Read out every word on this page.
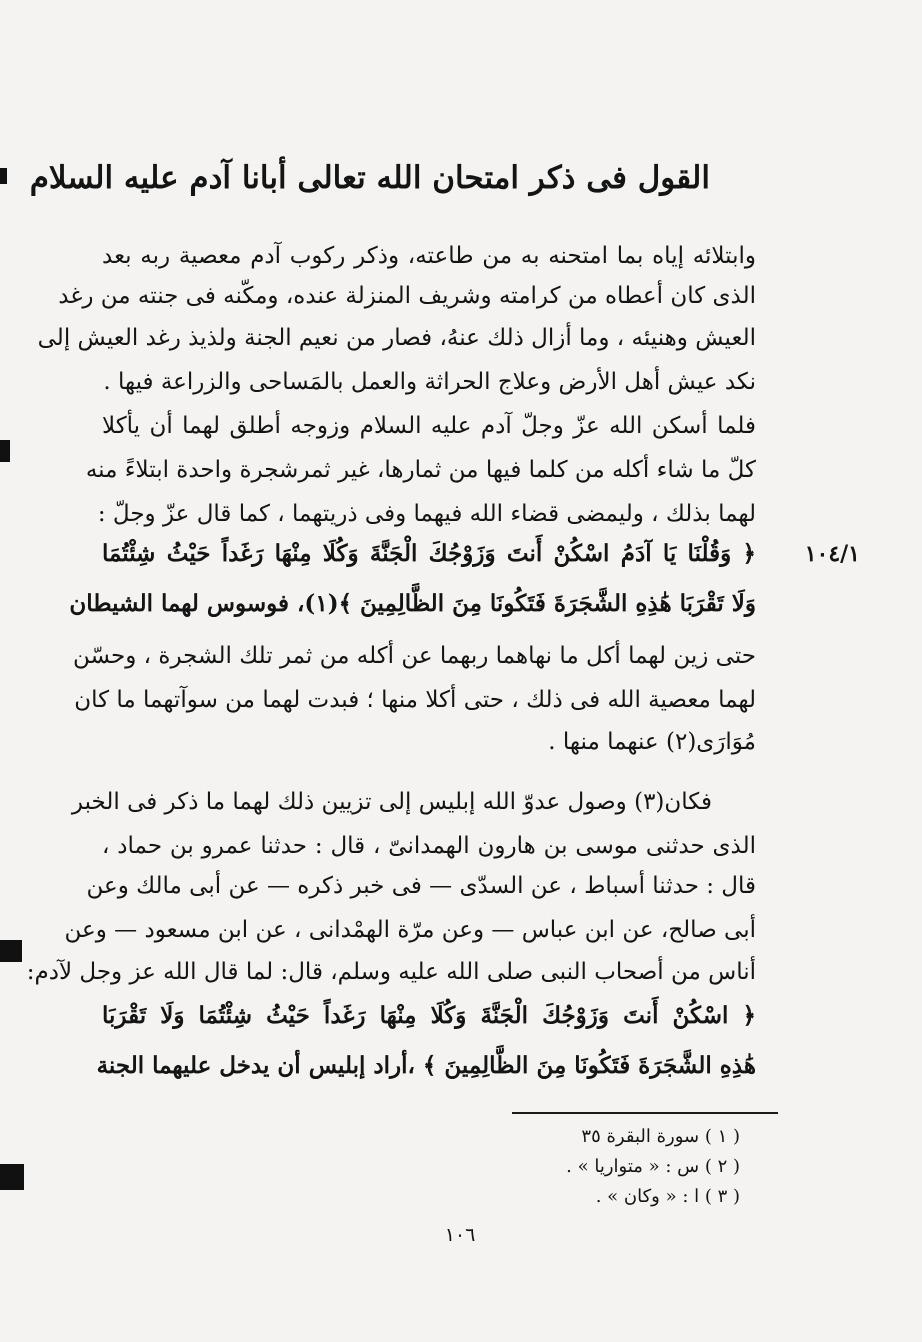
القول فى ذكر امتحان الله تعالى أبانا آدم عليه السلام
وابتلائه إياه بما امتحنه به من طاعته، وذكر ركوب آدم معصية ربه بعد
الذى كان أعطاه من كرامته وشريف المنزلة عنده، ومكّنه فى جنته من رغد
العيش وهنيئه ، وما أزال ذلك عنهُ، فصار من نعيم الجنة ولذيذ رغد العيش إلى
نكد عيش أهل الأرض وعلاج الحراثة والعمل بالمَساحى والزراعة فيها .
فلما أسكن الله عزّ وجلّ آدم عليه السلام وزوجه أطلق لهما أن يأكلا
كلّ ما شاء أكله من كلما فيها من ثمارها، غير ثمرشجرة واحدة ابتلاءً منه
لهما بذلك ، وليمضى قضاء الله فيهما وفى ذريتهما ، كما قال عزّ وجلّ :
﴿ وَقُلْنَا يَا آدَمُ اسْكُنْ أَنتَ وَزَوْجُكَ الْجَنَّةَ وَكُلَا مِنْهَا رَغَداً حَيْثُ شِئْتُمَا
وَلَا تَقْرَبَا هَٰذِهِ الشَّجَرَةَ فَتَكُونَا مِنَ الظَّالِمِينَ ﴾(١)، فوسوس لهما الشيطان
حتى زين لهما أكل ما نهاهما ربهما عن أكله من ثمر تلك الشجرة ، وحسّن
لهما معصية الله فى ذلك ، حتى أكلا منها ؛ فبدت لهما من سوآتهما ما كان
مُوَارَى(٢) عنهما منها .
فكان(٣) وصول عدوّ الله إبليس إلى تزيين ذلك لهما ما ذكر فى الخبر
الذى حدثنى موسى بن هارون الهمدانىّ ، قال : حدثنا عمرو بن حماد ،
قال : حدثنا أسباط ، عن السدّى — فى خبر ذكره — عن أبى مالك وعن
أبى صالح، عن ابن عباس — وعن مرّة الهمْدانى ، عن ابن مسعود — وعن
أناس من أصحاب النبى صلى الله عليه وسلم، قال: لما قال الله عز وجل لآدم:
﴿ اسْكُنْ أَنتَ وَزَوْجُكَ الْجَنَّةَ وَكُلَا مِنْهَا رَغَداً حَيْثُ شِئْتُمَا وَلَا تَقْرَبَا
هَٰذِهِ الشَّجَرَةَ فَتَكُونَا مِنَ الظَّالِمِينَ ﴾ ،أراد إبليس أن يدخل عليهما الجنة
١٠٤/١
( ١ ) سورة البقرة ٣٥
( ٢ ) س : « متواريا » .
( ٣ ) ا : « وكان » .
١٠٦
